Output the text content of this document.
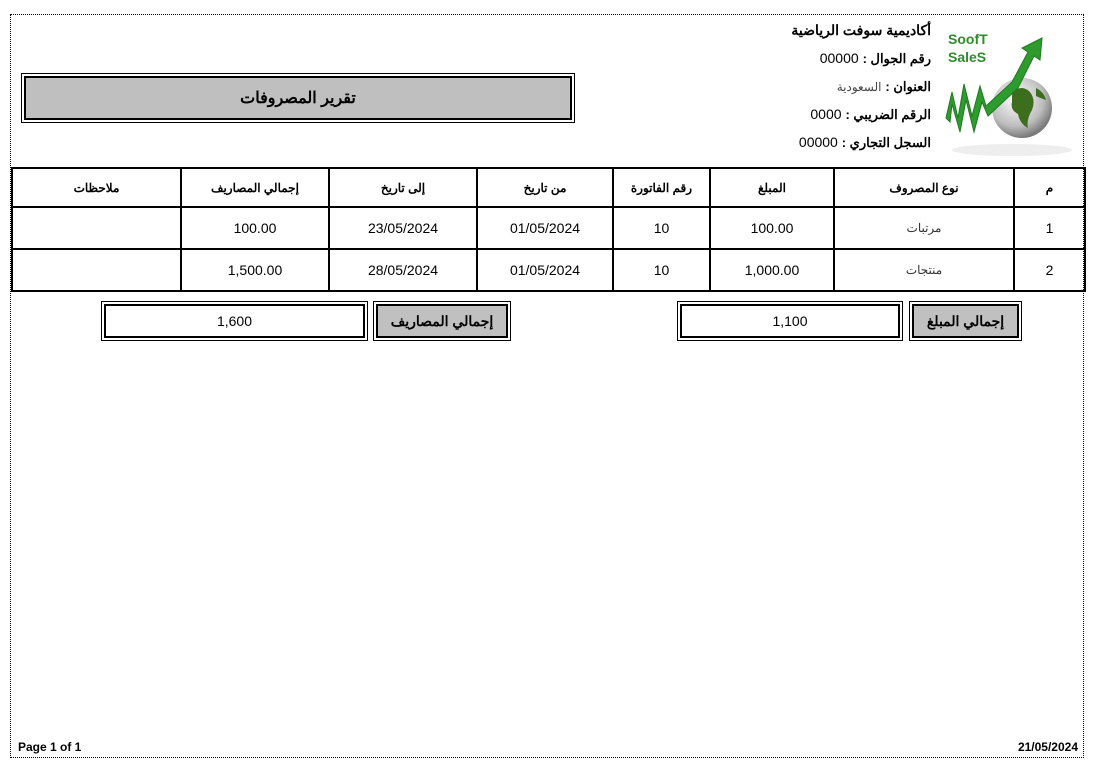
أكاديمية سوفت الرياضية
رقم الجوال : 00000
العنوان : السعودية
الرقم الضريبي : 0000
السجل التجاري : 00000
SoofT
SaleS
تقرير المصروفات
م	نوع المصروف	المبلغ	رقم الفاتورة	من تاريخ	إلى تاريخ	إجمالي المصاريف	ملاحظات
1	مرتبات	100.00	10	01/05/2024	23/05/2024	100.00	
2	منتجات	1,000.00	10	01/05/2024	28/05/2024	1,500.00	
إجمالي المبلغ
1,100
إجمالي المصاريف
1,600
Page 1 of 1	21/05/2024
